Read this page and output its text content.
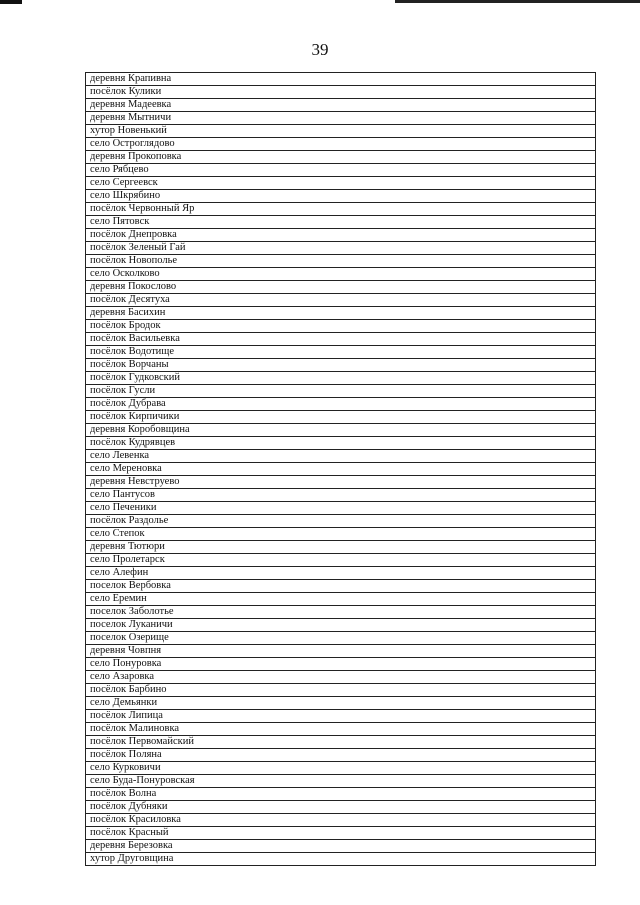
39
деревня Крапивна
посёлок Кулики
деревня Мадеевка
деревня Мытничи
хутор Новенький
село Остроглядово
деревня Прокоповка
село Рябцево
село Сергеевск
село Шкрябино
посёлок Червонный Яр
село Пятовск
посёлок Днепровка
посёлок Зеленый Гай
посёлок Новополье
село Осколково
деревня Покослово
посёлок Десятуха
деревня Басихин
посёлок Бродок
посёлок Васильевка
посёлок Водотище
посёлок Ворчаны
посёлок Гудковский
посёлок Гусли
посёлок Дубрава
посёлок Кирпичики
деревня Коробовщина
посёлок Кудрявцев
село Левенка
село Мереновка
деревня Невструево
село Пантусов
село Печеники
посёлок Раздолье
село Степок
деревня Тютюри
село Пролетарск
село Алефин
поселок Вербовка
село Еремин
поселок Заболотье
поселок Луканичи
поселок Озерище
деревня Човпня
село Понуровка
село Азаровка
посёлок Барбино
село Демьянки
посёлок Липица
посёлок Малиновка
посёлок Первомайский
посёлок Поляна
село Курковичи
село Буда-Понуровская
посёлок Волна
посёлок Дубняки
посёлок Красиловка
посёлок Красный
деревня Березовка
хутор Друговщина
